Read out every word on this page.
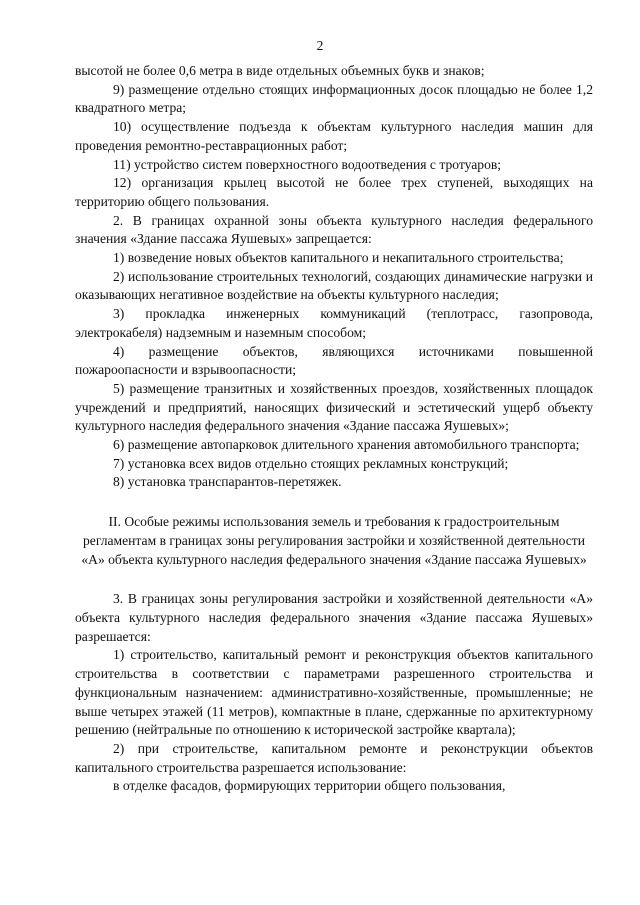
2

высотой не более 0,6 метра в виде отдельных объемных букв и знаков;

9) размещение отдельно стоящих информационных досок площадью не более 1,2 квадратного метра;

10) осуществление подъезда к объектам культурного наследия машин для проведения ремонтно-реставрационных работ;

11) устройство систем поверхностного водоотведения с тротуаров;

12) организация крылец высотой не более трех ступеней, выходящих на территорию общего пользования.

2. В границах охранной зоны объекта культурного наследия федерального значения «Здание пассажа Яушевых» запрещается:

1) возведение новых объектов капитального и некапитального строительства;

2) использование строительных технологий, создающих динамические нагрузки и оказывающих негативное воздействие на объекты культурного наследия;

3) прокладка инженерных коммуникаций (теплотрасс, газопровода, электрокабеля) надземным и наземным способом;

4) размещение объектов, являющихся источниками повышенной пожароопасности и взрывоопасности;

5) размещение транзитных и хозяйственных проездов, хозяйственных площадок учреждений и предприятий, наносящих физический и эстетический ущерб объекту культурного наследия федерального значения «Здание пассажа Яушевых»;

6) размещение автопарковок длительного хранения автомобильного транспорта;

7) установка всех видов отдельно стоящих рекламных конструкций;

8) установка транспарантов-перетяжек.

II. Особые режимы использования земель и требования к градостроительным регламентам в границах зоны регулирования застройки и хозяйственной деятельности «А» объекта культурного наследия федерального значения «Здание пассажа Яушевых»

3. В границах зоны регулирования застройки и хозяйственной деятельности «А» объекта культурного наследия федерального значения «Здание пассажа Яушевых» разрешается:

1) строительство, капитальный ремонт и реконструкция объектов капитального строительства в соответствии с параметрами разрешенного строительства и функциональным назначением: административно-хозяйственные, промышленные; не выше четырех этажей (11 метров), компактные в плане, сдержанные по архитектурному решению (нейтральные по отношению к исторической застройке квартала);

2) при строительстве, капитальном ремонте и реконструкции объектов капитального строительства разрешается использование:

в отделке фасадов, формирующих территории общего пользования,
